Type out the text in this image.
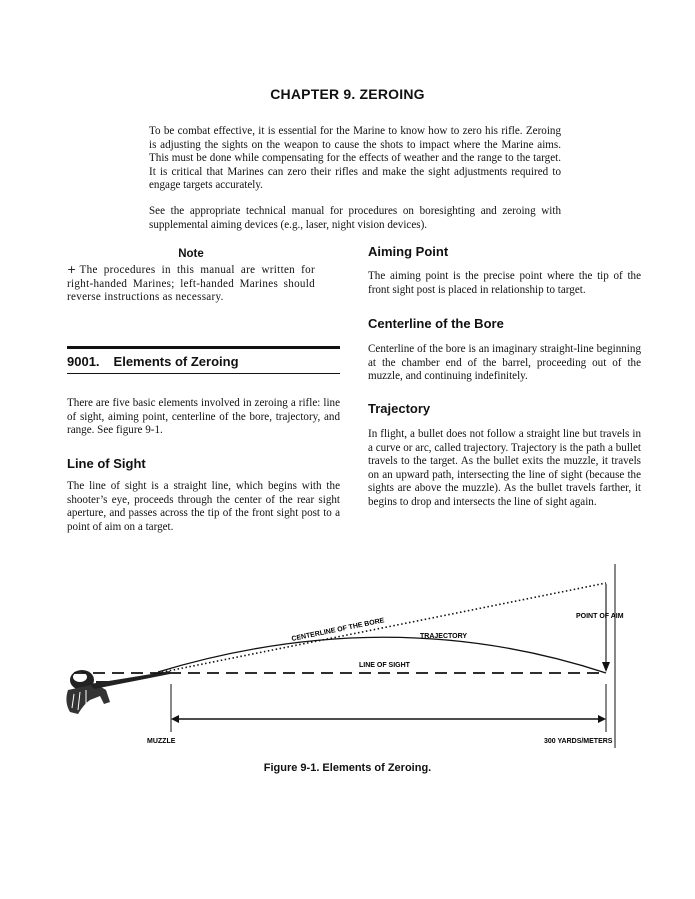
CHAPTER 9. ZEROING

To be combat effective, it is essential for the Marine to know how to zero his rifle. Zeroing is adjusting the sights on the weapon to cause the shots to impact where the Marine aims. This must be done while compensating for the effects of weather and the range to the target. It is critical that Marines can zero their rifles and make the sight adjustments required to engage targets accurately.

See the appropriate technical manual for procedures on boresighting and zeroing with supplemental aiming devices (e.g., laser, night vision devices).

Note
+ The procedures in this manual are written for right-handed Marines; left-handed Marines should reverse instructions as necessary.
9001. Elements of Zeroing

There are five basic elements involved in zeroing a rifle: line of sight, aiming point, centerline of the bore, trajectory, and range. See figure 9-1.

Line of Sight

The line of sight is a straight line, which begins with the shooter’s eye, proceeds through the center of the rear sight aperture, and passes across the tip of the front sight post to a point of aim on a target.

Aiming Point

The aiming point is the precise point where the tip of the front sight post is placed in relationship to target.

Centerline of the Bore

Centerline of the bore is an imaginary straight-line beginning at the chamber end of the barrel, proceeding out of the muzzle, and continuing indefinitely.

Trajectory

In flight, a bullet does not follow a straight line but travels in a curve or arc, called trajectory. Trajectory is the path a bullet travels to the target. As the bullet exits the muzzle, it travels on an upward path, intersecting the line of sight (because the sights are above the muzzle). As the bullet travels farther, it begins to drop and intersects the line of sight again.

CENTERLINE OF THE BORE	TRAJECTORY
LINE OF SIGHT
POINT OF AIM
MUZZLE	300 YARDS/METERS
Figure 9-1. Elements of Zeroing.
